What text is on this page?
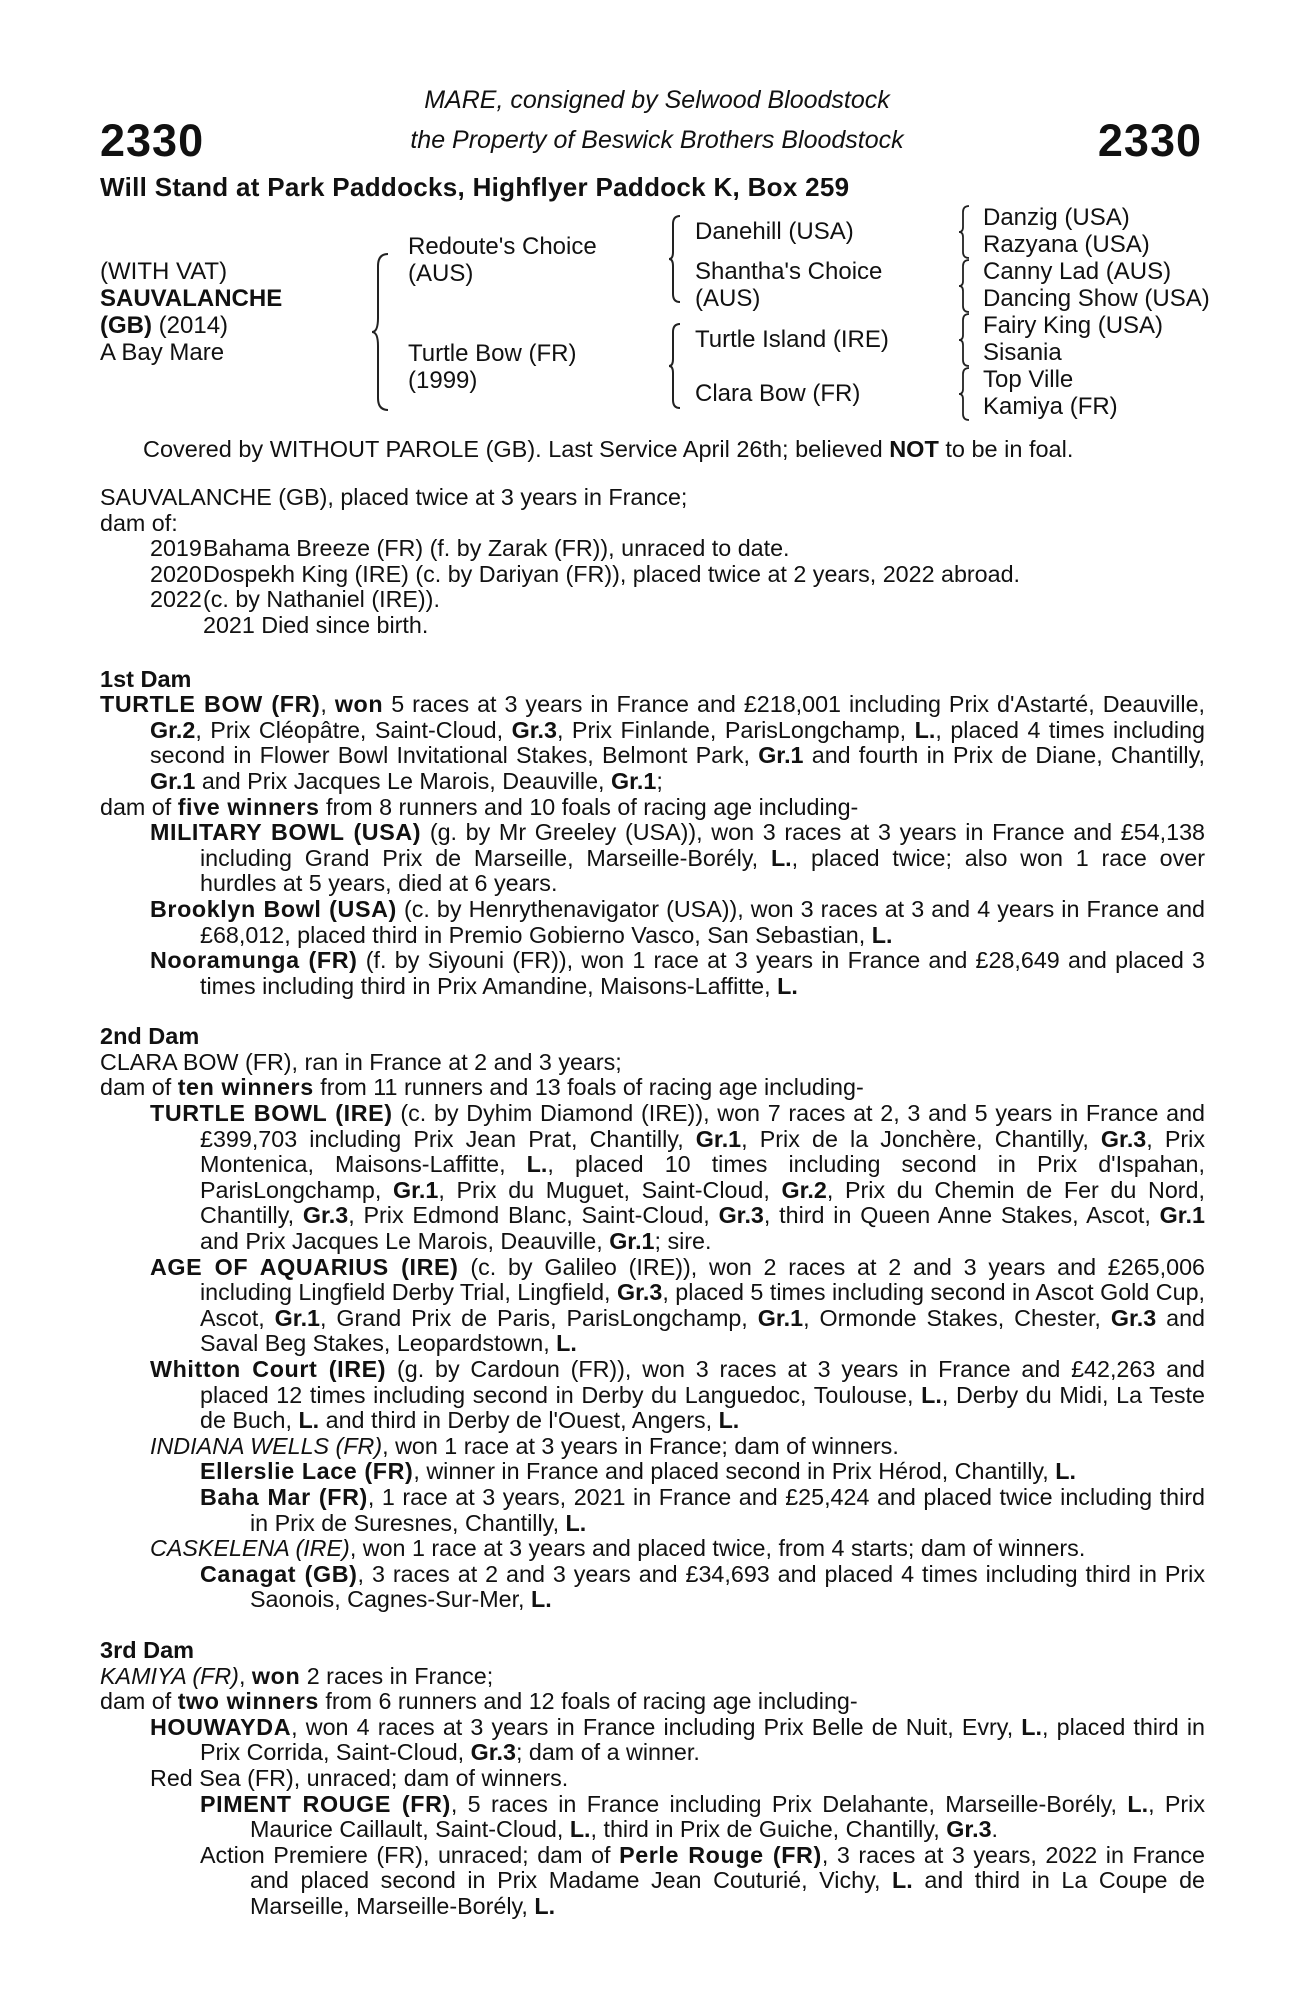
2330	2330
MARE, consigned by Selwood Bloodstock
the Property of Beswick Brothers Bloodstock
Will Stand at Park Paddocks, Highflyer Paddock K, Box 259
(WITH VAT)
SAUVALANCHE
(GB) (2014)
A Bay Mare
Redoute's Choice
(AUS)
Turtle Bow (FR)
(1999)
Danehill (USA)
Shantha's Choice
(AUS)
Turtle Island (IRE)
Clara Bow (FR)
Danzig (USA)
Razyana (USA)
Canny Lad (AUS)
Dancing Show (USA)
Fairy King (USA)
Sisania
Top Ville
Kamiya (FR)
Covered by WITHOUT PAROLE (GB). Last Service April 26th; believed NOT to be in foal.

SAUVALANCHE (GB), placed twice at 3 years in France;

dam of:

2019Bahama Breeze (FR) (f. by Zarak (FR)), unraced to date.

2020Dospekh King (IRE) (c. by Dariyan (FR)), placed twice at 2 years, 2022 abroad.

2022(c. by Nathaniel (IRE)).

2021 Died since birth.

1st Dam

TURTLE BOW (FR), won 5 races at 3 years in France and £218,001 including Prix d'Astarté, Deauville, Gr.2, Prix Cléopâtre, Saint-Cloud, Gr.3, Prix Finlande, ParisLongchamp, L., placed 4 times including second in Flower Bowl Invitational Stakes, Belmont Park, Gr.1 and fourth in Prix de Diane, Chantilly, Gr.1 and Prix Jacques Le Marois, Deauville, Gr.1;

dam of five winners from 8 runners and 10 foals of racing age including-

MILITARY BOWL (USA) (g. by Mr Greeley (USA)), won 3 races at 3 years in France and £54,138 including Grand Prix de Marseille, Marseille-Borély, L., placed twice; also won 1 race over hurdles at 5 years, died at 6 years.

Brooklyn Bowl (USA) (c. by Henrythenavigator (USA)), won 3 races at 3 and 4 years in France and £68,012, placed third in Premio Gobierno Vasco, San Sebastian, L.

Nooramunga (FR) (f. by Siyouni (FR)), won 1 race at 3 years in France and £28,649 and placed 3 times including third in Prix Amandine, Maisons-Laffitte, L.

2nd Dam

CLARA BOW (FR), ran in France at 2 and 3 years;

dam of ten winners from 11 runners and 13 foals of racing age including-

TURTLE BOWL (IRE) (c. by Dyhim Diamond (IRE)), won 7 races at 2, 3 and 5 years in France and £399,703 including Prix Jean Prat, Chantilly, Gr.1, Prix de la Jonchère, Chantilly, Gr.3, Prix Montenica, Maisons-Laffitte, L., placed 10 times including second in Prix d'Ispahan, ParisLongchamp, Gr.1, Prix du Muguet, Saint-Cloud, Gr.2, Prix du Chemin de Fer du Nord, Chantilly, Gr.3, Prix Edmond Blanc, Saint-Cloud, Gr.3, third in Queen Anne Stakes, Ascot, Gr.1 and Prix Jacques Le Marois, Deauville, Gr.1; sire.

AGE OF AQUARIUS (IRE) (c. by Galileo (IRE)), won 2 races at 2 and 3 years and £265,006 including Lingfield Derby Trial, Lingfield, Gr.3, placed 5 times including second in Ascot Gold Cup, Ascot, Gr.1, Grand Prix de Paris, ParisLongchamp, Gr.1, Ormonde Stakes, Chester, Gr.3 and Saval Beg Stakes, Leopardstown, L.

Whitton Court (IRE) (g. by Cardoun (FR)), won 3 races at 3 years in France and £42,263 and placed 12 times including second in Derby du Languedoc, Toulouse, L., Derby du Midi, La Teste de Buch, L. and third in Derby de l'Ouest, Angers, L.

INDIANA WELLS (FR), won 1 race at 3 years in France; dam of winners.

Ellerslie Lace (FR), winner in France and placed second in Prix Hérod, Chantilly, L.

Baha Mar (FR), 1 race at 3 years, 2021 in France and £25,424 and placed twice including third in Prix de Suresnes, Chantilly, L.

CASKELENA (IRE), won 1 race at 3 years and placed twice, from 4 starts; dam of winners.

Canagat (GB), 3 races at 2 and 3 years and £34,693 and placed 4 times including third in Prix Saonois, Cagnes-Sur-Mer, L.

3rd Dam

KAMIYA (FR), won 2 races in France;

dam of two winners from 6 runners and 12 foals of racing age including-

HOUWAYDA, won 4 races at 3 years in France including Prix Belle de Nuit, Evry, L., placed third in Prix Corrida, Saint-Cloud, Gr.3; dam of a winner.

Red Sea (FR), unraced; dam of winners.

PIMENT ROUGE (FR), 5 races in France including Prix Delahante, Marseille-Borély, L., Prix Maurice Caillault, Saint-Cloud, L., third in Prix de Guiche, Chantilly, Gr.3.

Action Premiere (FR), unraced; dam of Perle Rouge (FR), 3 races at 3 years, 2022 in France and placed second in Prix Madame Jean Couturié, Vichy, L. and third in La Coupe de Marseille, Marseille-Borély, L.
